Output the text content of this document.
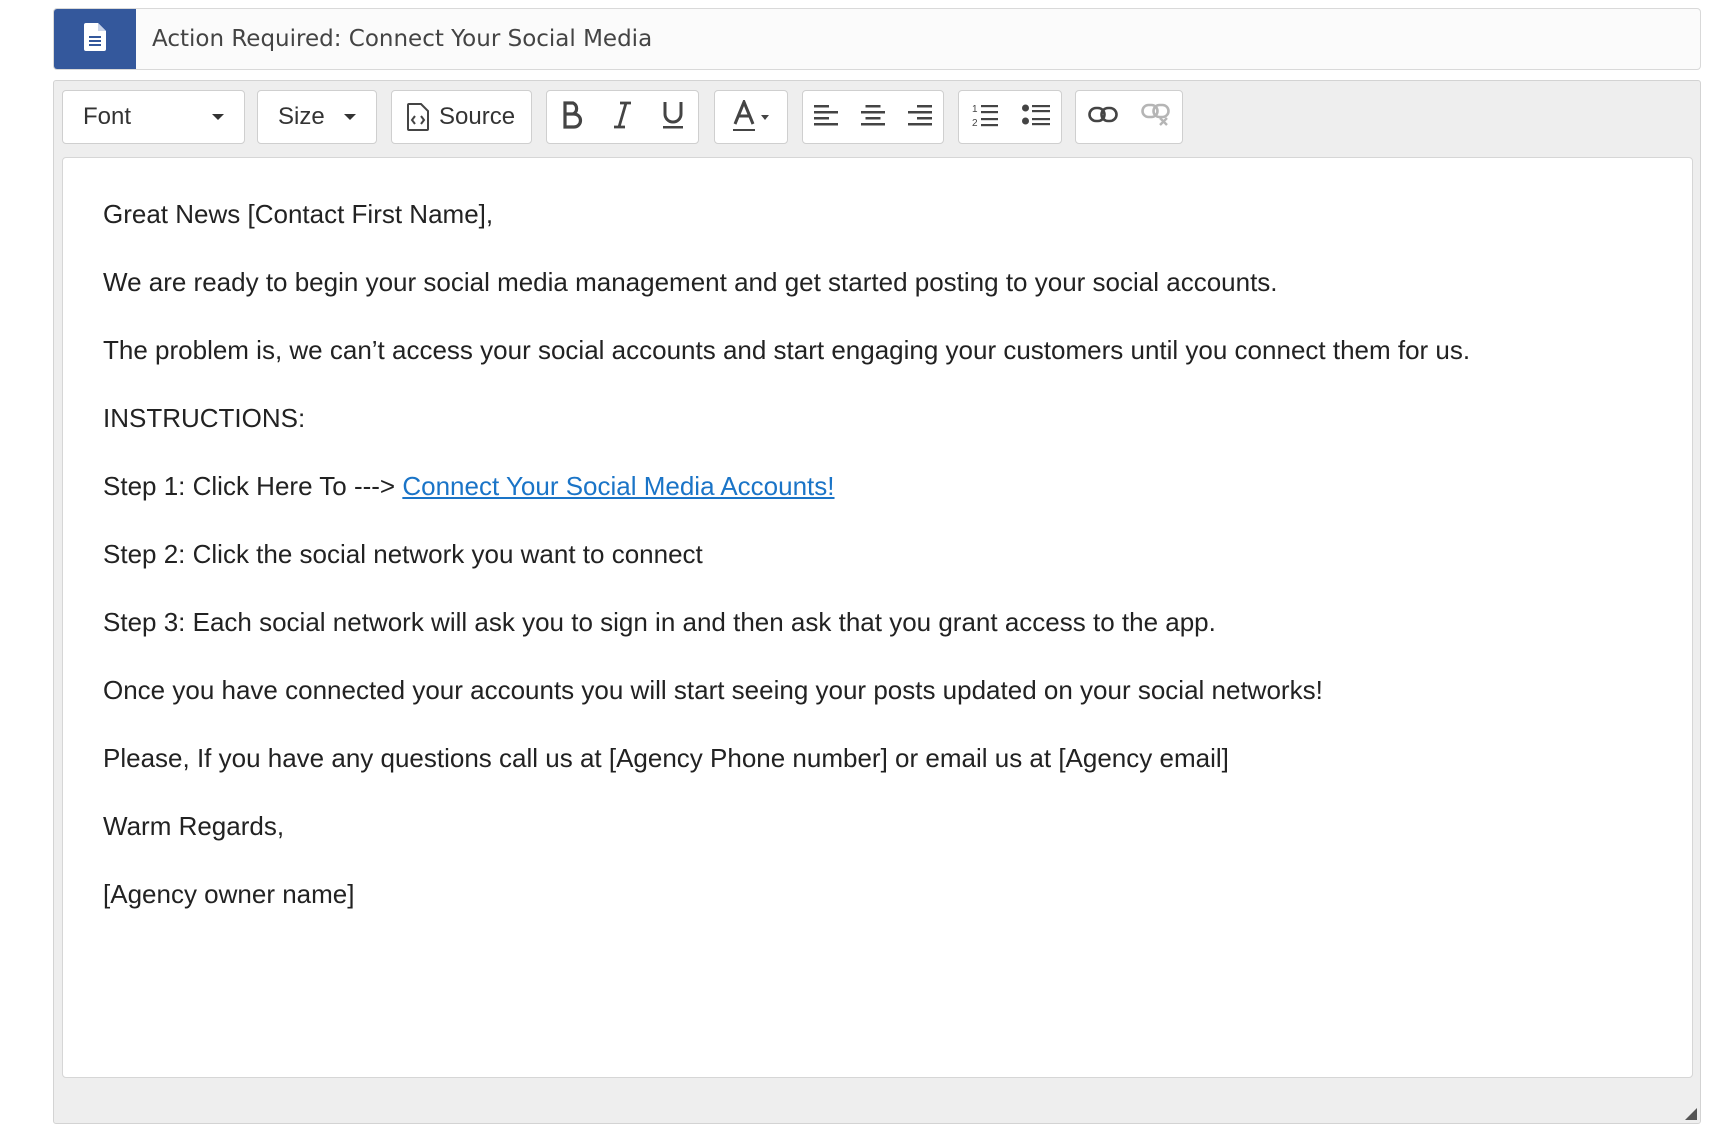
Action Required: Connect Your Social Media
Font	Size	Source	1
2

Great News [Contact First Name],

We are ready to begin your social media management and get started posting to your social accounts.

The problem is, we can’t access your social accounts and start engaging your customers until you connect them for us.

INSTRUCTIONS:

Step 1: Click Here To ---> Connect Your Social Media Accounts!

Step 2: Click the social network you want to connect

Step 3: Each social network will ask you to sign in and then ask that you grant access to the app.

Once you have connected your accounts you will start seeing your posts updated on your social networks!

Please, If you have any questions call us at [Agency Phone number] or email us at [Agency email]

Warm Regards,

[Agency owner name]
